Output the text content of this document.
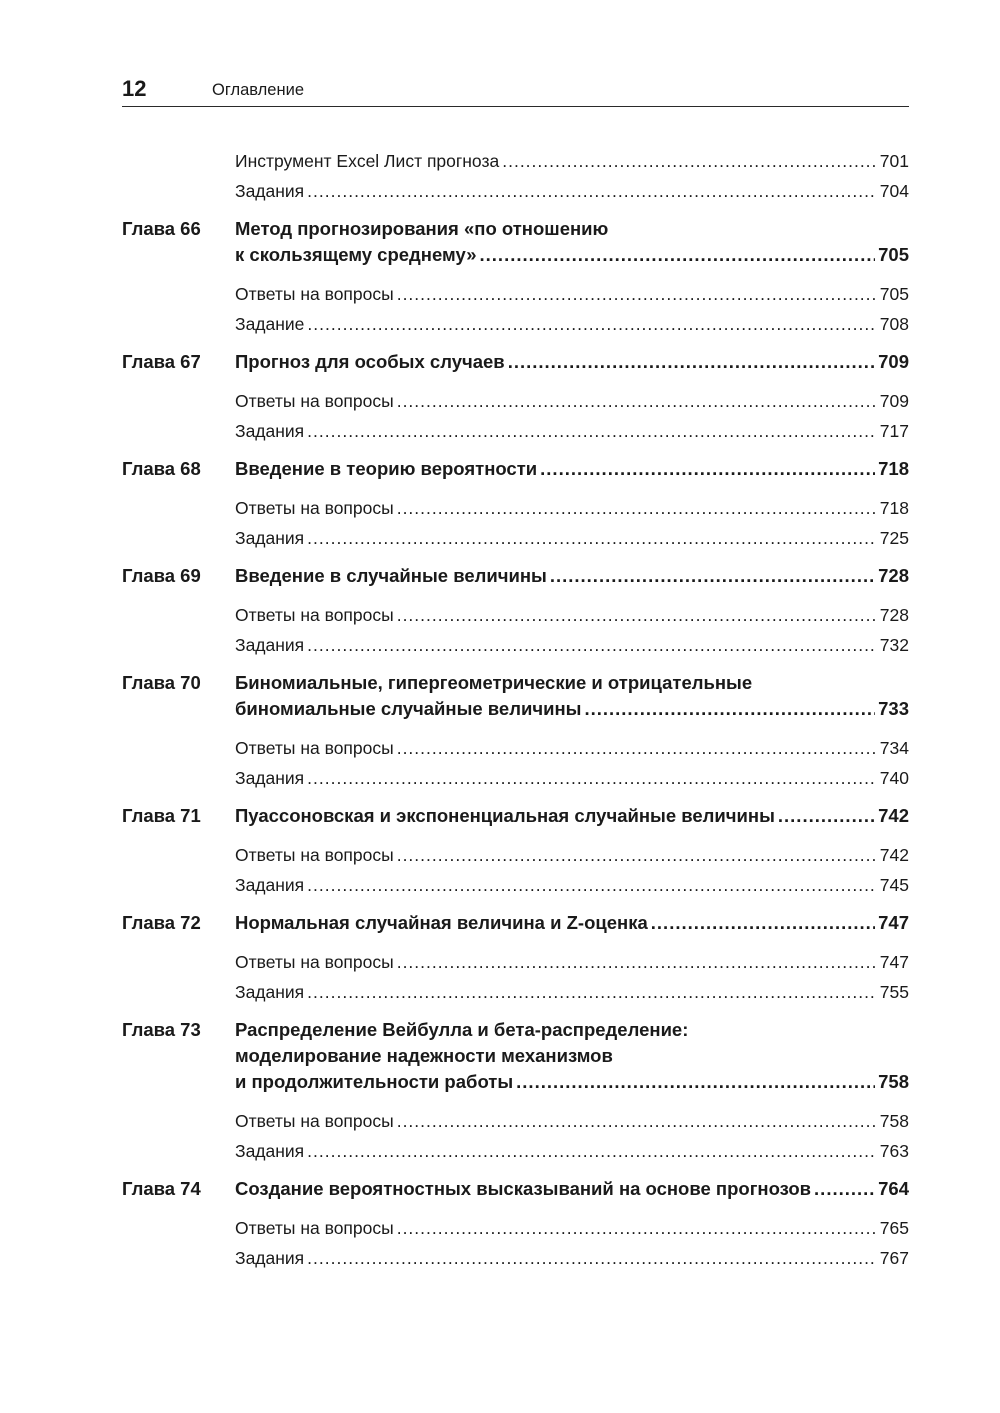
12	Оглавление
Инструмент Excel Лист прогноза .....	701
Задания .....	704
Глава 66	Метод прогнозирования «по отношению
к скользящему среднему» .....	705
Ответы на вопросы .....	705
Задание .....	708
Глава 67	Прогноз для особых случаев .....	709
Ответы на вопросы .....	709
Задания .....	717
Глава 68	Введение в теорию вероятности .....	718
Ответы на вопросы .....	718
Задания .....	725
Глава 69	Введение в случайные величины .....	728
Ответы на вопросы .....	728
Задания .....	732
Глава 70	Биномиальные, гипергеометрические и отрицательные
биномиальные случайные величины .....	733
Ответы на вопросы .....	734
Задания .....	740
Глава 71	Пуассоновская и экспоненциальная случайные величины .....	742
Ответы на вопросы .....	742
Задания .....	745
Глава 72	Нормальная случайная величина и Z-оценка .....	747
Ответы на вопросы .....	747
Задания .....	755
Глава 73	Распределение Вейбулла и бета-распределение:
моделирование надежности механизмов
и продолжительности работы .....	758
Ответы на вопросы .....	758
Задания .....	763
Глава 74	Создание вероятностных высказываний на основе прогнозов .....	764
Ответы на вопросы .....	765
Задания .....	767
